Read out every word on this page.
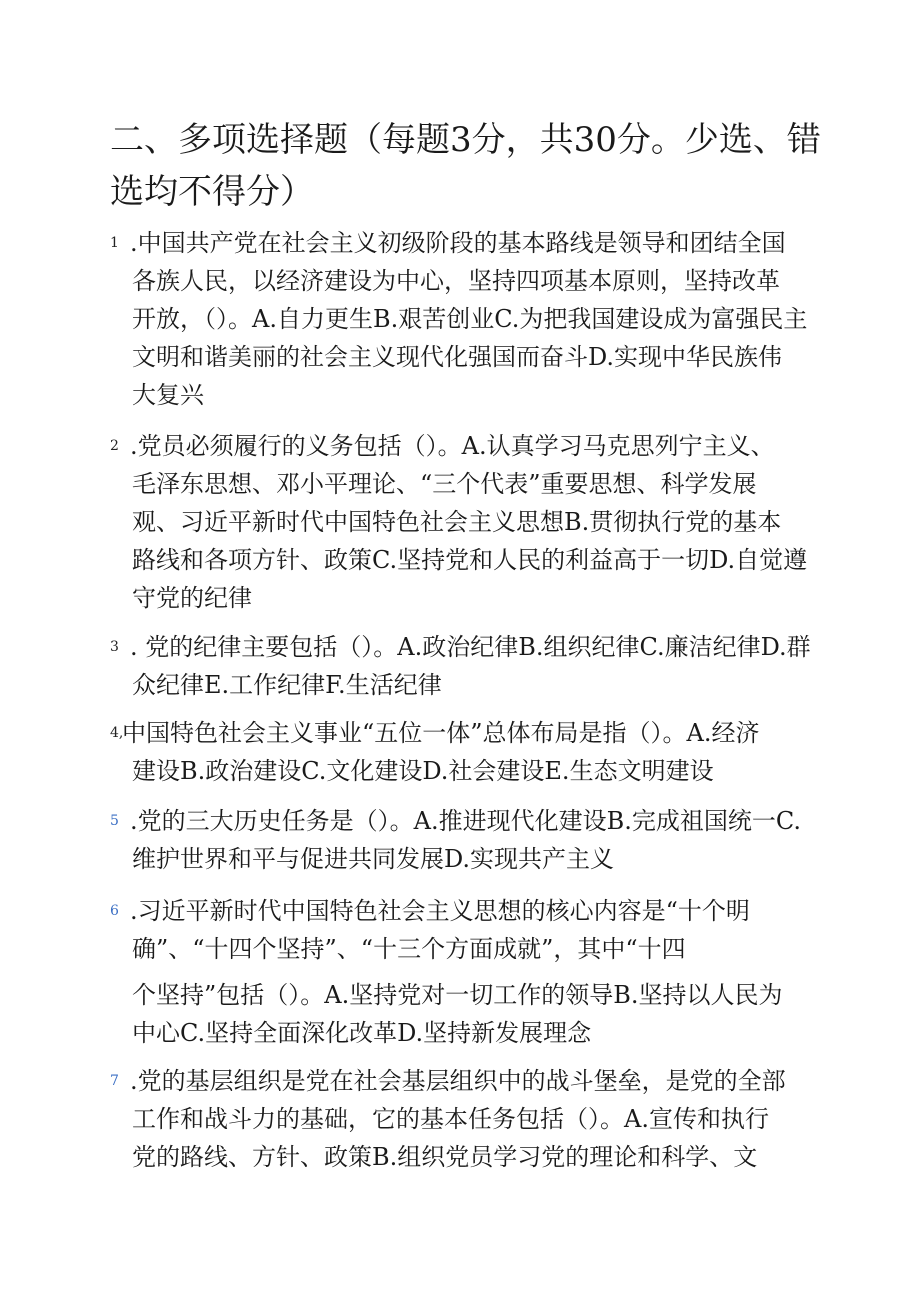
二、多项选择题（每题3分，共30分。少选、错
选均不得分）
1 .中国共产党在社会主义初级阶段的基本路线是领导和团结全国
各族人民，以经济建设为中心，坚持四项基本原则，坚持改革
开放，（）。A.自力更生B.艰苦创业C.为把我国建设成为富强民主
文明和谐美丽的社会主义现代化强国而奋斗D.实现中华民族伟
大复兴
2 .党员必须履行的义务包括（）。A.认真学习马克思列宁主义、
毛泽东思想、邓小平理论、“三个代表”重要思想、科学发展
观、习近平新时代中国特色社会主义思想B.贯彻执行党的基本
路线和各项方针、政策C.坚持党和人民的利益高于一切D.自觉遵
守党的纪律
3 . 党的纪律主要包括（）。A.政治纪律B.组织纪律C.廉洁纪律D.群
众纪律E.工作纪律F.生活纪律
4,
中国特色社会主义事业“五位一体”总体布局是指（）。A.经济
建设B.政治建设C.文化建设D.社会建设E.生态文明建设
5 .党的三大历史任务是（）。A.推进现代化建设B.完成祖国统一C.
维护世界和平与促进共同发展D.实现共产主义
6 .习近平新时代中国特色社会主义思想的核心内容是“十个明
确”、“十四个坚持”、“十三个方面成就”，其中“十四
个坚持”包括（）。A.坚持党对一切工作的领导B.坚持以人民为
中心C.坚持全面深化改革D.坚持新发展理念
7 .党的基层组织是党在社会基层组织中的战斗堡垒，是党的全部
工作和战斗力的基础，它的基本任务包括（）。A.宣传和执行
党的路线、方针、政策B.组织党员学习党的理论和科学、文
